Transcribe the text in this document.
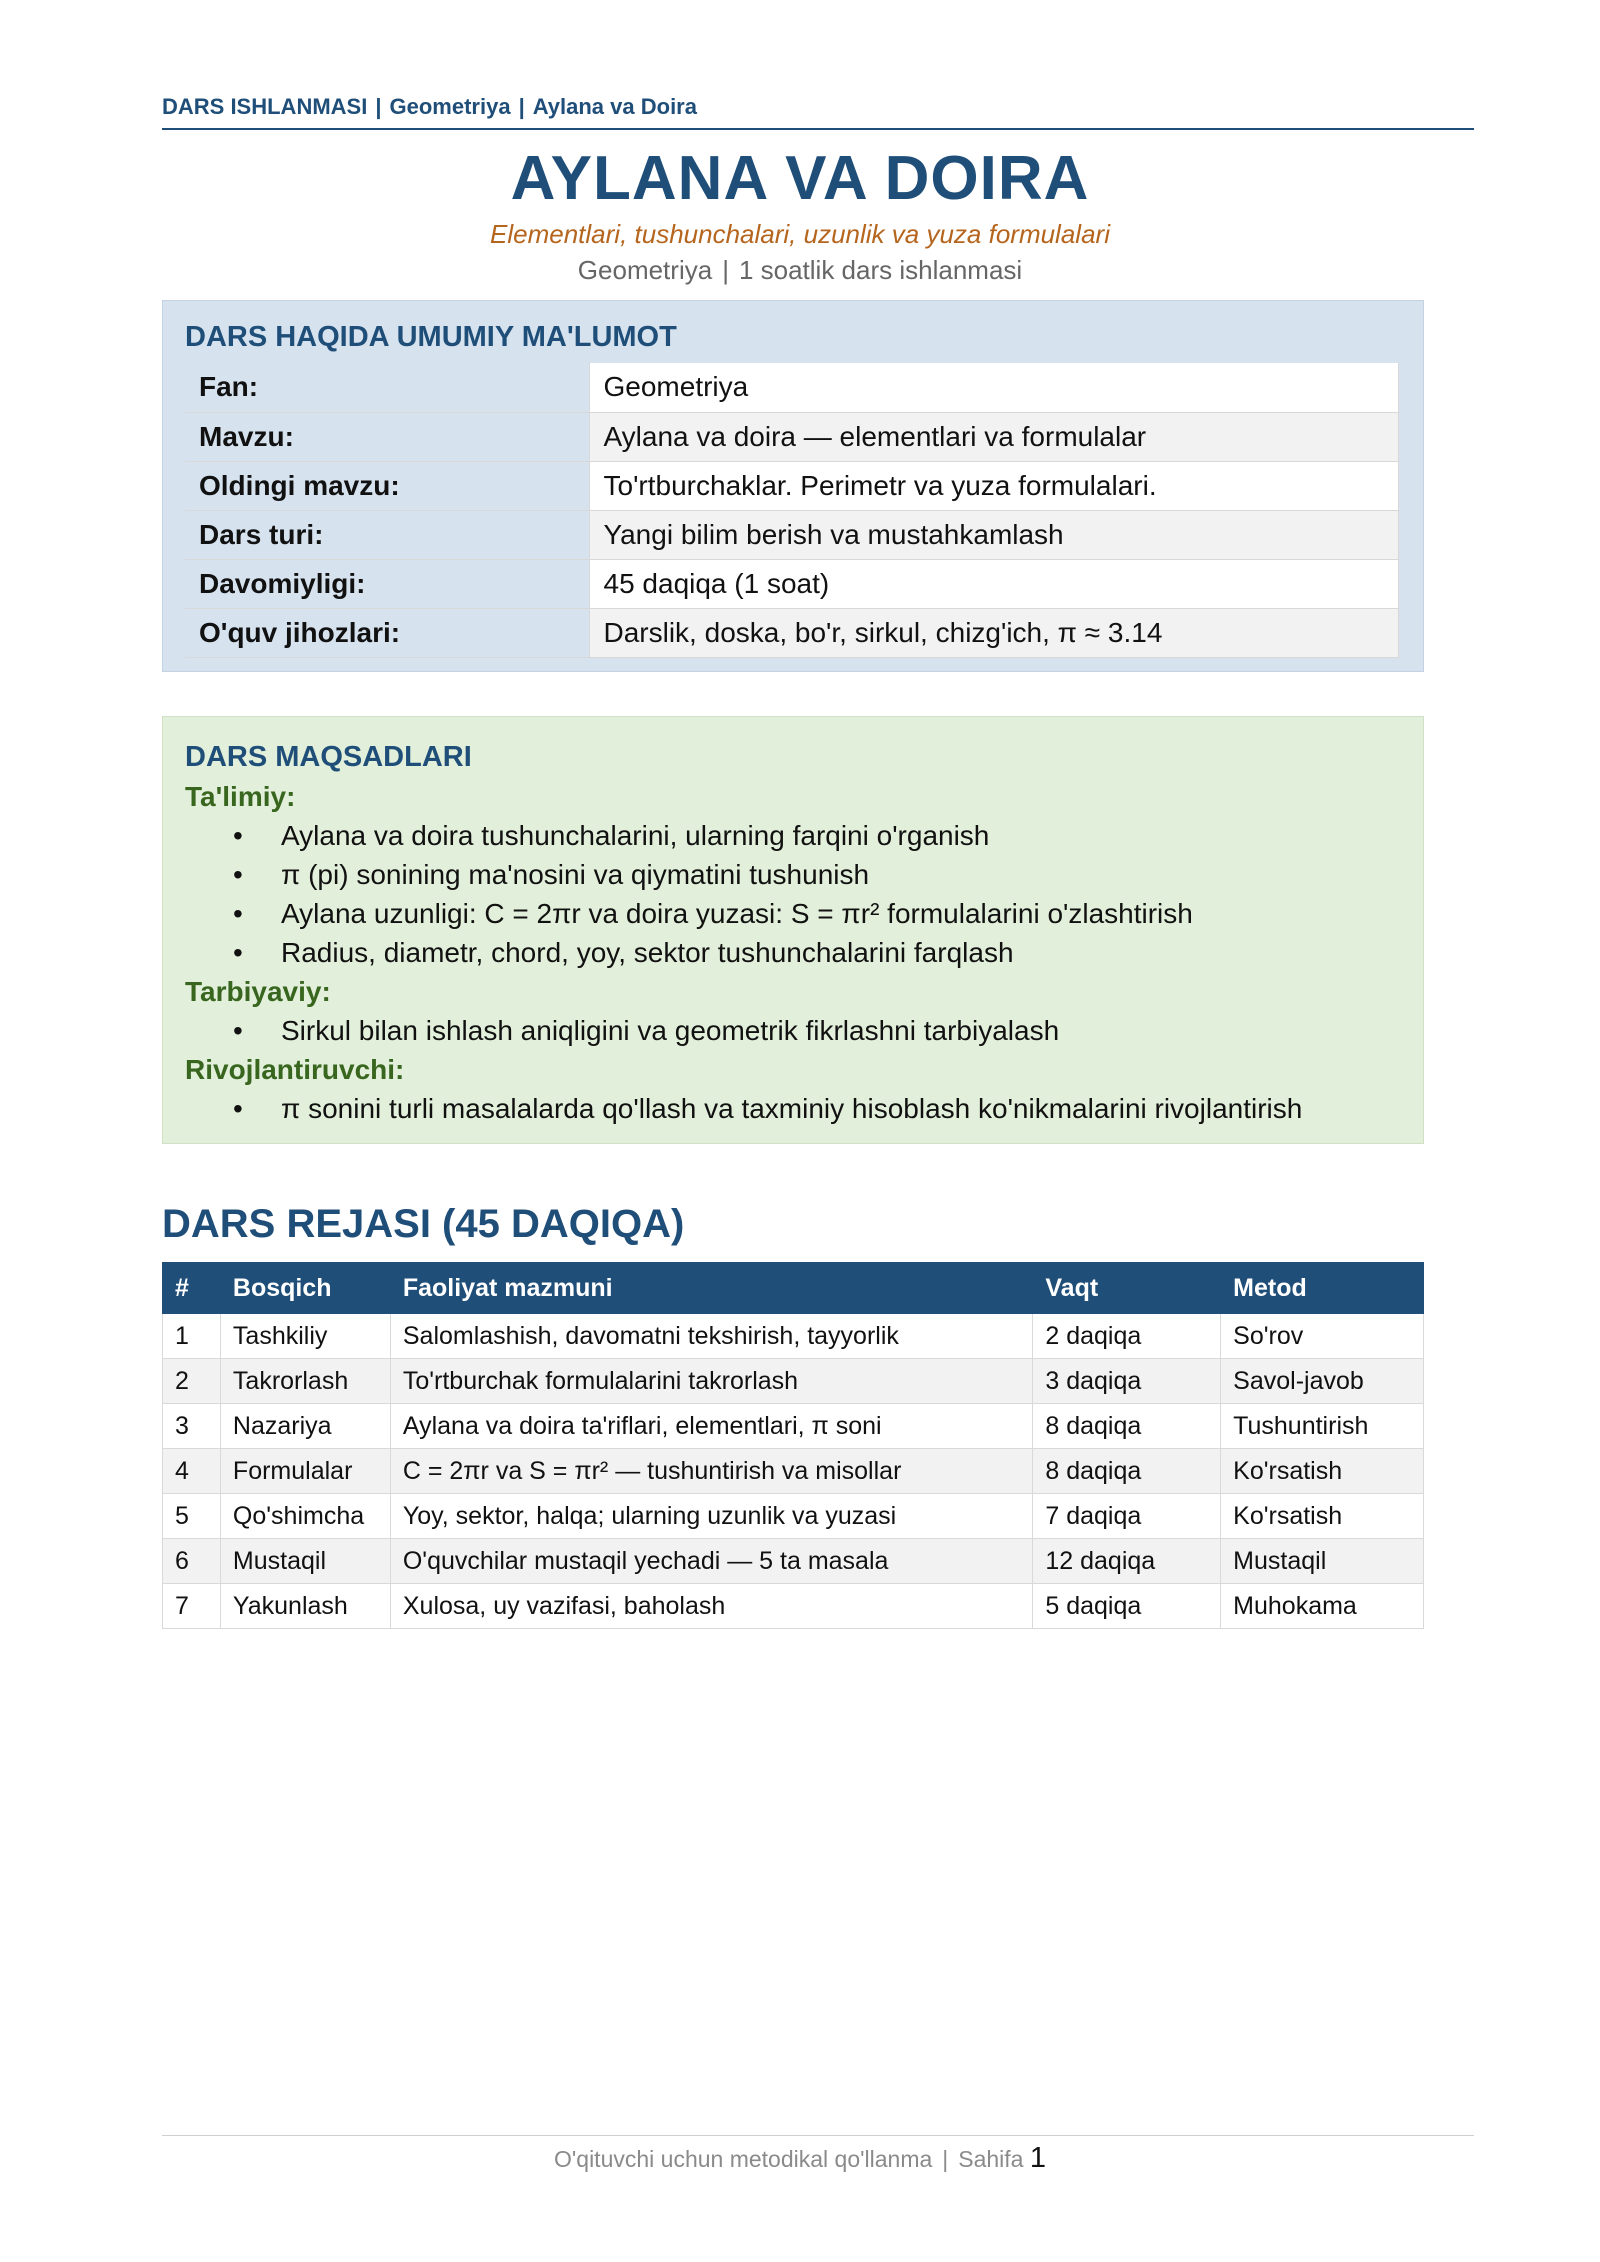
DARS ISHLANMASI | Geometriya | Aylana va Doira
AYLANA VA DOIRA
Elementlari, tushunchalari, uzunlik va yuza formulalari
Geometriya | 1 soatlik dars ishlanmasi
DARS HAQIDA UMUMIY MA'LUMOT
Fan:	Geometriya
Mavzu:	Aylana va doira — elementlari va formulalar
Oldingi mavzu:	To'rtburchaklar. Perimetr va yuza formulalari.
Dars turi:	Yangi bilim berish va mustahkamlash
Davomiyligi:	45 daqiqa (1 soat)
O'quv jihozlari:	Darslik, doska, bo'r, sirkul, chizg'ich, π ≈ 3.14
DARS MAQSADLARI
Ta'limiy:
• Aylana va doira tushunchalarini, ularning farqini o'rganish
• π (pi) sonining ma'nosini va qiymatini tushunish
• Aylana uzunligi: C = 2πr va doira yuzasi: S = πr² formulalarini o'zlashtirish
• Radius, diametr, chord, yoy, sektor tushunchalarini farqlash
Tarbiyaviy:
• Sirkul bilan ishlash aniqligini va geometrik fikrlashni tarbiyalash
Rivojlantiruvchi:
• π sonini turli masalalarda qo'llash va taxminiy hisoblash ko'nikmalarini rivojlantirish
DARS REJASI (45 DAQIQA)
#	Bosqich	Faoliyat mazmuni	Vaqt	Metod
1	Tashkiliy	Salomlashish, davomatni tekshirish, tayyorlik	2 daqiqa	So'rov
2	Takrorlash	To'rtburchak formulalarini takrorlash	3 daqiqa	Savol-javob
3	Nazariya	Aylana va doira ta'riflari, elementlari, π soni	8 daqiqa	Tushuntirish
4	Formulalar	C = 2πr va S = πr² — tushuntirish va misollar	8 daqiqa	Ko'rsatish
5	Qo'shimcha	Yoy, sektor, halqa; ularning uzunlik va yuzasi	7 daqiqa	Ko'rsatish
6	Mustaqil	O'quvchilar mustaqil yechadi — 5 ta masala	12 daqiqa	Mustaqil
7	Yakunlash	Xulosa, uy vazifasi, baholash	5 daqiqa	Muhokama
O'qituvchi uchun metodikal qo'llanma | Sahifa 1
